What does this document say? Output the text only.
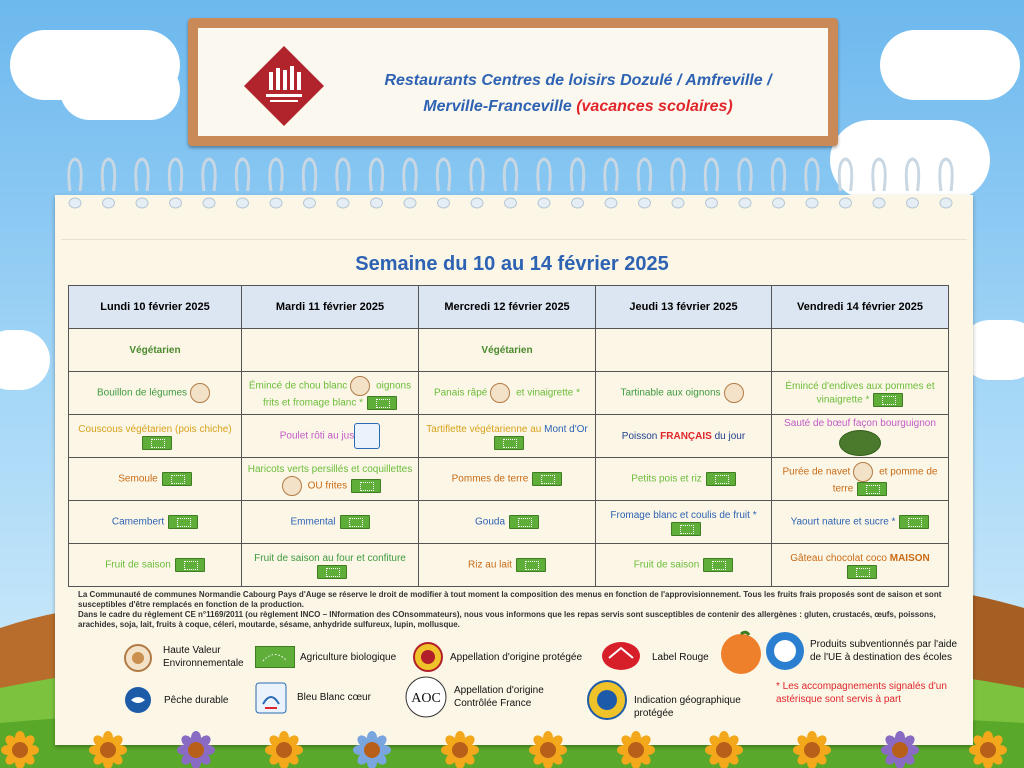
Restaurants Centres de loisirs Dozulé / Amfreville /
Merville-Franceville (vacances scolaires)
Semaine du 10 au 14 février 2025
Lundi 10 février 2025	Mardi 11 février 2025	Mercredi 12 février 2025	Jeudi 13 février 2025	Vendredi 14 février 2025
Végétarien		Végétarien		
Bouillon de légumes	Émincé de chou blanc oignons frits et fromage blanc *	Panais râpé et vinaigrette *	Tartinable aux oignons	Émincé d'endives aux pommes et vinaigrette *
Couscous végétarien (pois chiche)	Poulet rôti au jus	Tartiflette végétarienne au Mont d'Or	Poisson FRANÇAIS du jour	Sauté de bœuf façon bourguignon
Semoule	Haricots verts persillés et coquillettes OU frites	Pommes de terre	Petits pois et riz	Purée de navet et pomme de terre
Camembert	Emmental	Gouda	Fromage blanc et coulis de fruit *	Yaourt nature et sucre *
Fruit de saison	Fruit de saison au four et confiture	Riz au lait	Fruit de saison	Gâteau chocolat coco MAISON
La Communauté de communes Normandie Cabourg Pays d'Auge se réserve le droit de modifier à tout moment la composition des menus en fonction de l'approvisionnement. Tous les fruits frais proposés sont de saison et sont susceptibles d'être remplacés en fonction de la production.
Dans le cadre du règlement CE n°1169/2011 (ou règlement INCO – INformation des COnsommateurs), nous vous informons que les repas servis sont susceptibles de contenir des allergènes : gluten, crustacés, œufs, poissons, arachides, soja, lait, fruits à coque, céleri, moutarde, sésame, anhydride sulfureux, lupin, mollusque.
Haute Valeur Environnementale
Agriculture biologique	Appellation d'origine protégée	Label Rouge
Produits subventionnés par l'aide de l'UE à destination des écoles
Pêche durable	Bleu Blanc cœur	AOC
Appellation d'origine Contrôlée France	Indication géographique protégée
* Les accompagnements signalés d'un astérisque sont servis à part
